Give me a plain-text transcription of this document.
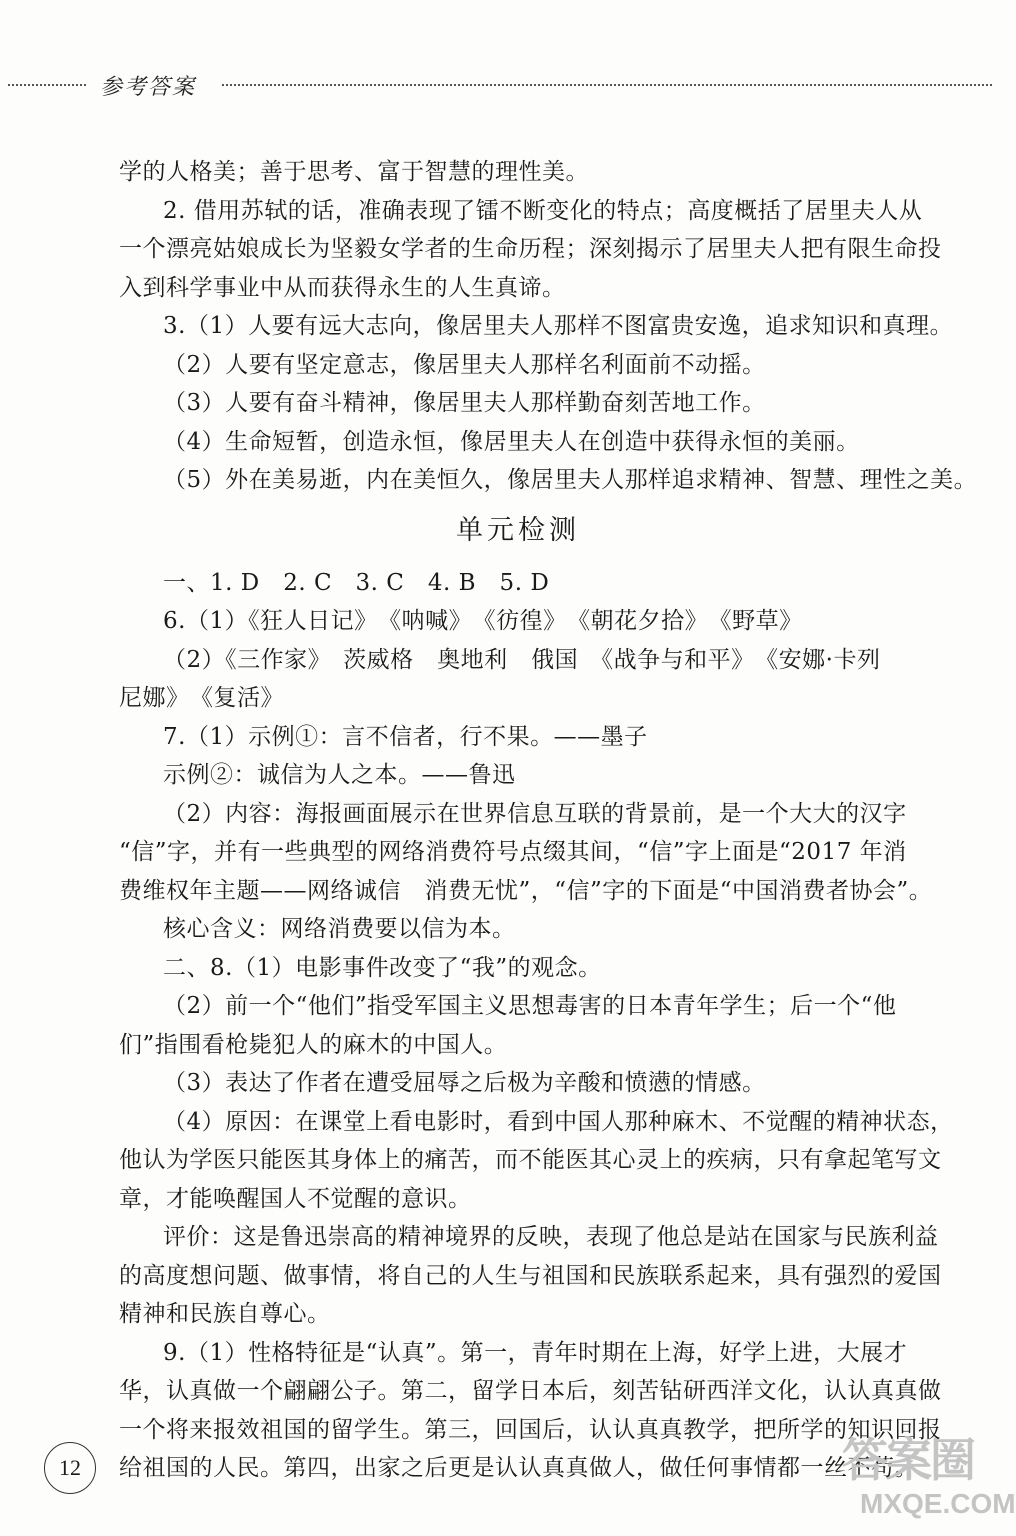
参考答案
学的人格美；善于思考、富于智慧的理性美。
2. 借用苏轼的话，准确表现了镭不断变化的特点；高度概括了居里夫人从
一个漂亮姑娘成长为坚毅女学者的生命历程；深刻揭示了居里夫人把有限生命投
入到科学事业中从而获得永生的人生真谛。
3.（1）人要有远大志向，像居里夫人那样不图富贵安逸，追求知识和真理。
（2）人要有坚定意志，像居里夫人那样名利面前不动摇。
（3）人要有奋斗精神，像居里夫人那样勤奋刻苦地工作。
（4）生命短暂，创造永恒，像居里夫人在创造中获得永恒的美丽。
（5）外在美易逝，内在美恒久，像居里夫人那样追求精神、智慧、理性之美。
单元检测
一、1. D　2. C　3. C　4. B　5. D
6.（1）《狂人日记》　《呐喊》　《彷徨》　《朝花夕拾》　《野草》
（2）《三作家》　茨威格　奥地利　俄国　《战争与和平》　《安娜·卡列
尼娜》　《复活》
7.（1）示例①：言不信者，行不果。——墨子
示例②：诚信为人之本。——鲁迅
（2）内容：海报画面展示在世界信息互联的背景前，是一个大大的汉字
“信”字，并有一些典型的网络消费符号点缀其间，“信”字上面是“2017 年消
费维权年主题——网络诚信　消费无忧”，“信”字的下面是“中国消费者协会”。
核心含义：网络消费要以信为本。
二、8.（1）电影事件改变了“我”的观念。
（2）前一个“他们”指受军国主义思想毒害的日本青年学生；后一个“他
们”指围看枪毙犯人的麻木的中国人。
（3）表达了作者在遭受屈辱之后极为辛酸和愤懑的情感。
（4）原因：在课堂上看电影时，看到中国人那种麻木、不觉醒的精神状态，
他认为学医只能医其身体上的痛苦，而不能医其心灵上的疾病，只有拿起笔写文
章，才能唤醒国人不觉醒的意识。
评价：这是鲁迅崇高的精神境界的反映，表现了他总是站在国家与民族利益
的高度想问题、做事情，将自己的人生与祖国和民族联系起来，具有强烈的爱国
精神和民族自尊心。
9.（1）性格特征是“认真”。第一，青年时期在上海，好学上进，大展才
华，认真做一个翩翩公子。第二，留学日本后，刻苦钻研西洋文化，认认真真做
一个将来报效祖国的留学生。第三，回国后，认认真真教学，把所学的知识回报
给祖国的人民。第四，出家之后更是认认真真做人，做任何事情都一丝不苟。
12	答案圈
MXQE.COM
